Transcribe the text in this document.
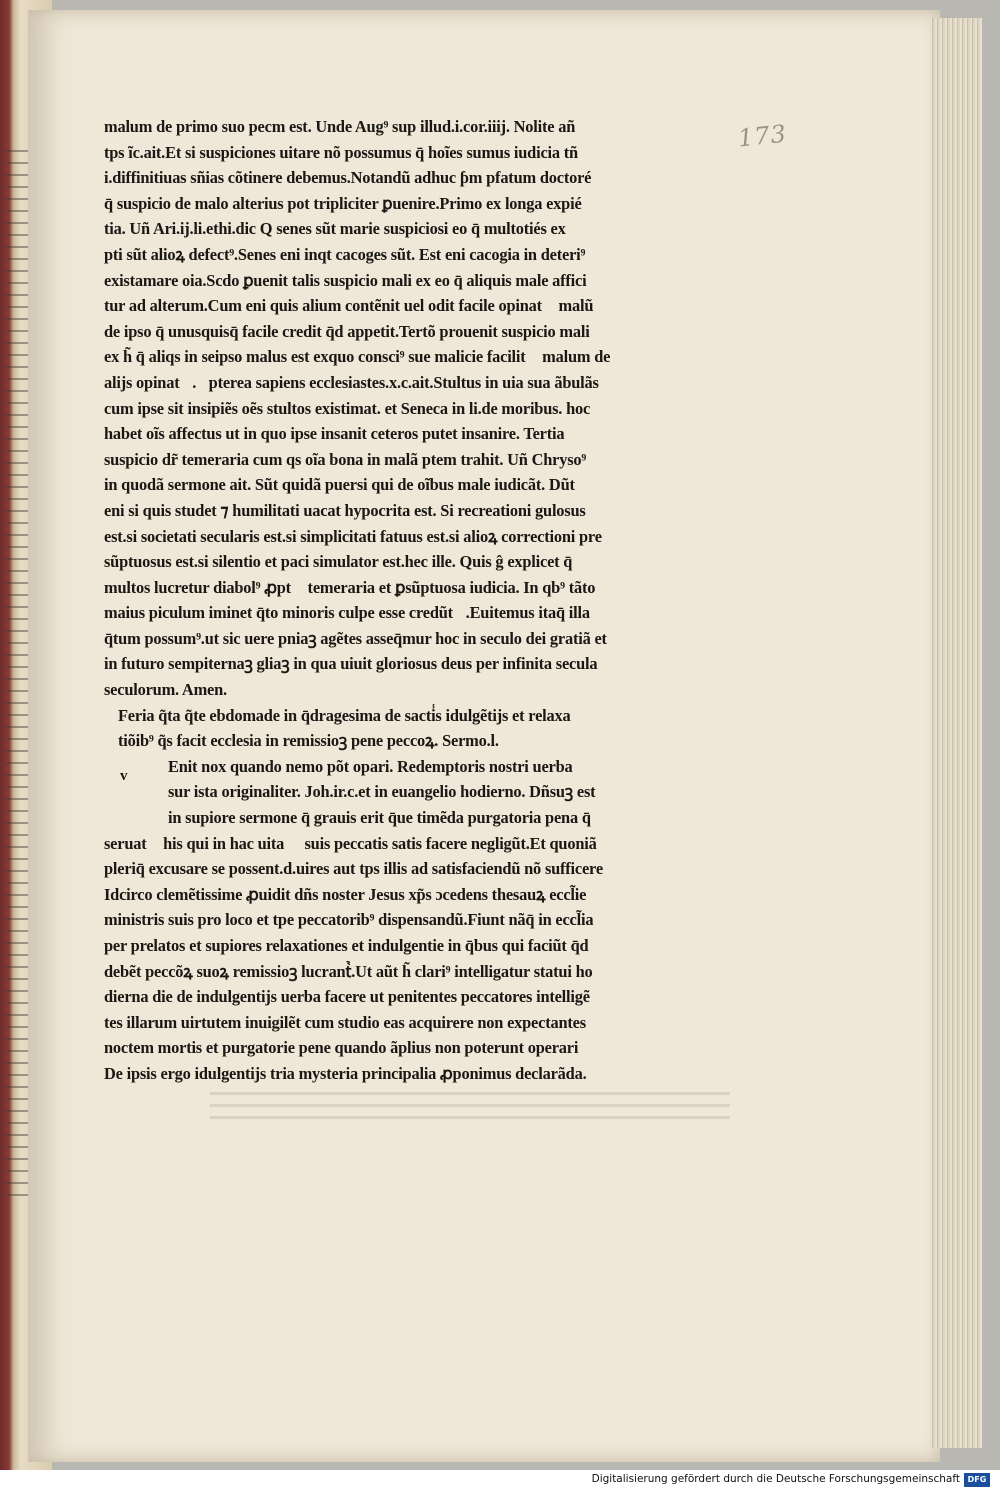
173
malum de primo suo pecm est. Unde Aug⁹ sup illud.i.cor.iiij. Nolite añ
tps ĩc.ait.Et si suspiciones uitare nõ possumus q̄ hoĩes sumus iudicia tñ
i.diffinitiuas sñias cõtinere debemus.Notandũ adhuc ƥm pfatum doctoré
q̄ suspicio de malo alterius pot tripliciter ꝑuenire.Primo ex longa expié
tia. Uñ Ari.ij.li.ethi.dic Q senes sũt marie suspiciosi eo q̄ multotiés ex
pti sũt alioꝝ defect⁹.Senes eni inqt cacoges sũt. Est eni cacogia in deteri⁹
existamare oia.Scdo ꝑuenit talis suspicio mali ex eo q̄ aliquis male affici
tur ad alterum.Cum eni quis alium contẽnit uel odit facile opinatᷣ malũ
de ipso q̄ unusquisq̄ facile credit q̄d appetit.Tertõ prouenit suspicio mali
ex h̃ q̄ aliqs in seipso malus est exquo consci⁹ sue malicie facilitᷣ malum de
alijs opinatᷣ.ꝓpterea sapiens ecclesiastes.x.c.ait.Stultus in uia sua ãbulãs
cum ipse sit insipiẽs oẽs stultos existimat. et Seneca in li.de moribus. hoc
habet oĩs affectus ut in quo ipse insanit ceteros putet insanire. Tertia
suspicio dr̃ temeraria cum qs oĩa bona in malã ptem trahit. Uñ Chryso⁹
in quodã sermone ait. Sũt quidã puersi qui de oĩbus male iudicãt. Dũt
eni si quis studet ⁊ humilitati uacat hypocrita est. Si recreationi gulosus
est.si societati secularis est.si simplicitati fatuus est.si alioꝝ correctioni pre
sũptuosus est.si silentio et paci simulator est.hec ille. Quis ĝ explicet q̄
multos lucretur diabol⁹ ꝓptᷣ temeraria et ꝑsũptuosa iudicia. In qb⁹ tãto
maius piculum iminet q̄to minoris culpe esse credũtᷣ.Euitemus itaq̄ illa
q̄tum possum⁹.ut sic uere pniaꝫ agẽtes asseq̄mur hoc in seculo dei gratiã et
in futuro sempiternaꝫ gliaꝫ in qua uiuit gloriosus deus per infinita secula
seculorum. Amen.
Feria q̃ta q̃te ebdomade in q̄dragesima de sacti̾s idulgẽtijs et relaxa
tiõib⁹ q̃s facit ecclesia in remissioꝫ pene peccoꝝ. Sermo.l.
Enit nox quando nemo põt opari. Redemptoris nostri uerba
sur ista originaliter. Joh.ir.c.et in euangelio hodierno. Dñsuꝫ est
in supiore sermone q̄ grauis erit q̄ue timẽda purgatoria pena q̄
seruatᷣ his qui in hac uita ꝓ suis peccatis satis facere negligũt.Et quoniã
pleriq̄ excusare se possent.d.uires aut tps illis ad satisfaciendũ nõ sufficere
Idcirco clemẽtissime ꝓuidit dñs noster Jesus xp̃s ɔcedens thesauꝝ eccl̃ie
ministris suis pro loco et tpe peccatorib⁹ dispensandũ.Fiunt nãq̄ in eccl̃ia
per prelatos et supiores relaxationes et indulgentie in q̄bus qui faciũt q̄d
debẽt peccõꝝ suoꝝ remissioꝫ lucrantᷣ.Ut aũt h̃ clari⁹ intelligatur statui ho
dierna die de indulgentijs uerba facere ut penitentes peccatores intelligẽ
tes illarum uirtutem inuigilẽt cum studio eas acquirere non expectantes
noctem mortis et purgatorie pene quando ãplius non poterunt operari
De ipsis ergo idulgentijs tria mysteria principalia ꝓponimus declarãda.
v
Digitalisierung gefördert durch die Deutsche Forschungsgemeinschaft DFG
